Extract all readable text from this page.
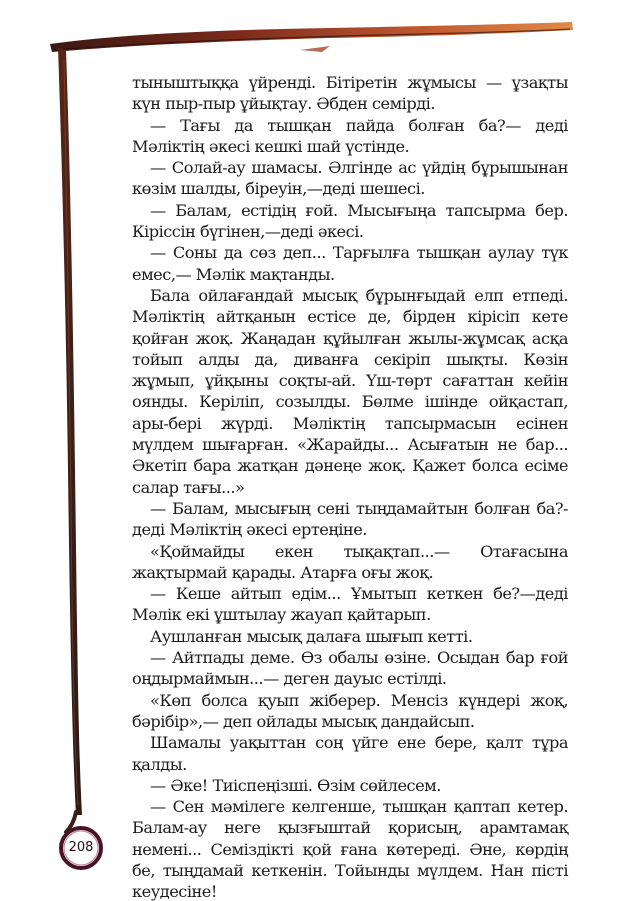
тыныштыққа үйренді. Бітіретін жұмысы — ұзақты күн пыр-пыр ұйықтау. Әбден семірді.

— Тағы да тышқан пайда болған ба?— деді Мәліктің әкесі кешкі шай үстінде.

— Солай-ау шамасы. Әлгінде ас үйдің бұрышынан көзім шалды, біреуін,—деді шешесі.

— Балам, естідің ғой. Мысығыңа тапсырма бер. Кіріссін бүгінен,—деді әкесі.

— Соны да сөз деп... Тарғылға тышқан аулау түк емес,— Мәлік мақтанды.

Бала ойлағандай мысық бұрынғыдай елп етпеді. Мәліктің айтқанын естісе де, бірден кірісіп кете қойған жоқ. Жаңадан құйылған жылы-жұмсақ асқа тойып алды да, диванға секіріп шықты. Көзін жұмып, ұйқыны соқты-ай. Үш-төрт сағаттан кейін оянды. Керіліп, созылды. Бөлме ішінде ойқастап, ары-бері жүрді. Мәліктің тапсырмасын есінен мүлдем шығарған. «Жарайды... Асығатын не бар... Әкетіп бара жатқан дәнеңе жоқ. Қажет болса есіме салар тағы...»

— Балам, мысығың сені тыңдамайтын болған ба?-деді Мәліктің әкесі ертеңіне.

«Қоймайды екен тықақтап...— Отағасына жақтырмай қарады. Атарға оғы жоқ.

— Кеше айтып едім... Ұмытып кеткен бе?—деді Мәлік екі ұштылау жауап қайтарып.

Аушланған мысық далаға шығып кетті.

— Айтпады деме. Өз обалы өзіне. Осыдан бар ғой оңдырмаймын...— деген дауыс естілді.

«Көп болса қуып жіберер. Менсіз күндері жоқ, бәрібір»,— деп ойлады мысық дандайсып.

Шамалы уақыттан соң үйге ене бере, қалт тұра қалды.

— Әке! Тиіспеңізші. Өзім сөйлесем.

— Сен мәмілеге келгенше, тышқан қаптап кетер. Балам-ау неге қызғыштай қорисың, арамтамақ немені... Семіздікті қой ғана көтереді. Әне, көрдің бе, тыңдамай кеткенін. Тойынды мүлдем. Нан пісті кеудесіне!

208
